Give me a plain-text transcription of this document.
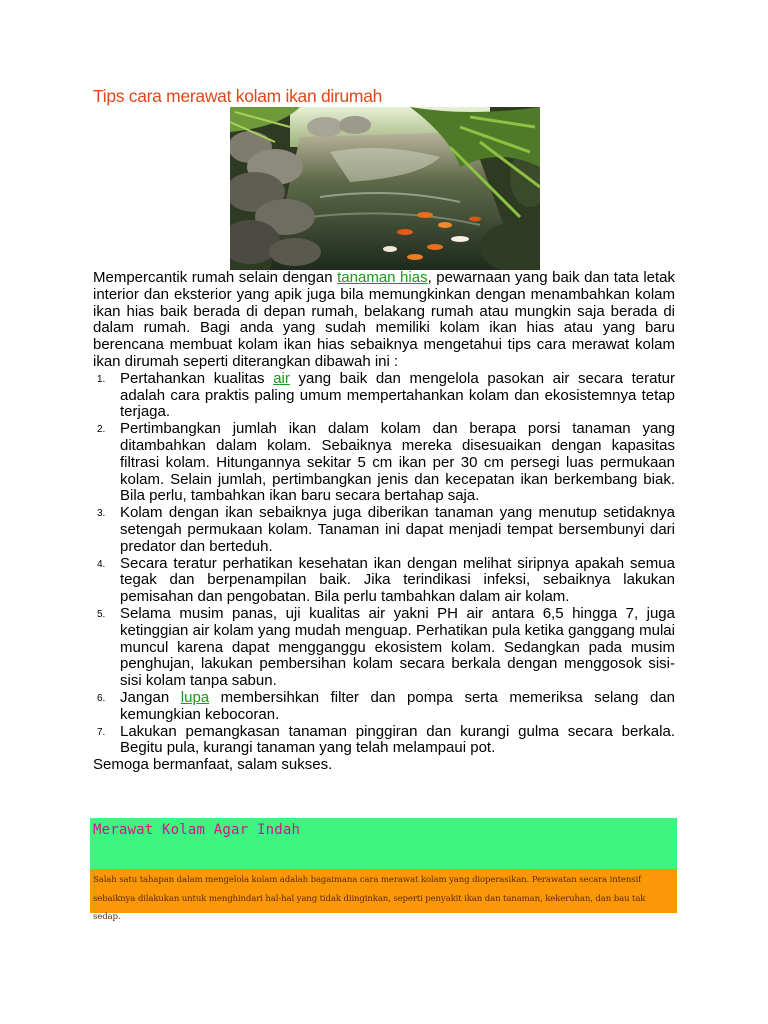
Tips cara merawat kolam ikan dirumah

Mempercantik rumah selain dengan tanaman hias, pewarnaan yang baik dan tata letak interior dan eksterior yang apik juga bila memungkinkan dengan menambahkan kolam ikan hias baik berada di depan rumah, belakang rumah atau mungkin saja berada di dalam rumah. Bagi anda yang sudah memiliki kolam ikan hias atau yang baru berencana membuat kolam ikan hias sebaiknya mengetahui tips cara merawat kolam ikan dirumah seperti diterangkan dibawah ini :

1. Pertahankan kualitas air yang baik dan mengelola pasokan air secara teratur adalah cara praktis paling umum mempertahankan kolam dan ekosistemnya tetap terjaga.
2. Pertimbangkan jumlah ikan dalam kolam dan berapa porsi tanaman yang ditambahkan dalam kolam. Sebaiknya mereka disesuaikan dengan kapasitas filtrasi kolam. Hitungannya sekitar 5 cm ikan per 30 cm persegi luas permukaan kolam. Selain jumlah, pertimbangkan jenis dan kecepatan ikan berkembang biak. Bila perlu, tambahkan ikan baru secara bertahap saja.
3. Kolam dengan ikan sebaiknya juga diberikan tanaman yang menutup setidaknya setengah permukaan kolam. Tanaman ini dapat menjadi tempat bersembunyi dari predator dan berteduh.
4. Secara teratur perhatikan kesehatan ikan dengan melihat siripnya apakah semua tegak dan berpenampilan baik. Jika terindikasi infeksi, sebaiknya lakukan pemisahan dan pengobatan. Bila perlu tambahkan dalam air kolam.
5. Selama musim panas, uji kualitas air yakni PH air antara 6,5 hingga 7, juga ketinggian air kolam yang mudah menguap. Perhatikan pula ketika ganggang mulai muncul karena dapat mengganggu ekosistem kolam. Sedangkan pada musim penghujan, lakukan pembersihan kolam secara berkala dengan menggosok sisi-sisi kolam tanpa sabun.
6. Jangan lupa membersihkan filter dan pompa serta memeriksa selang dan kemungkian kebocoran.
7. Lakukan pemangkasan tanaman pinggiran dan kurangi gulma secara berkala. Begitu pula, kurangi tanaman yang telah melampaui pot.

Semoga bermanfaat, salam sukses.

Merawat Kolam Agar Indah
Salah satu tahapan dalam mengelola kolam adalah bagaimana cara merawat kolam yang dioperasikan. Perawatan secara intensif sebaiknya dilakukan untuk menghindari hal-hal yang tidak diinginkan, seperti penyakit ikan dan tanaman, kekeruhan, dan bau tak sedap.
